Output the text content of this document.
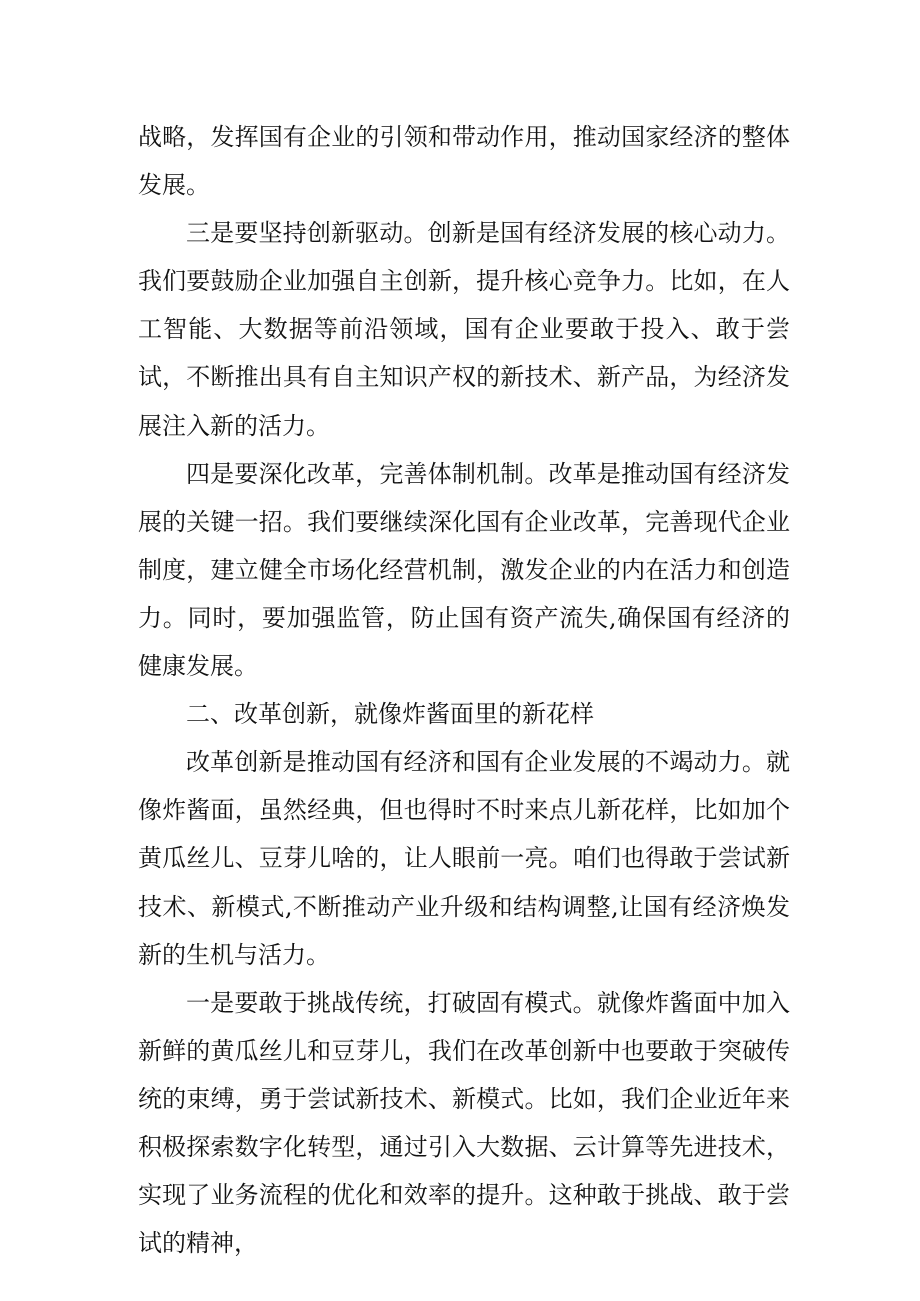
战略，发挥国有企业的引领和带动作用，推动国家经济的整体发展。

三是要坚持创新驱动。创新是国有经济发展的核心动力。我们要鼓励企业加强自主创新，提升核心竞争力。比如，在人工智能、大数据等前沿领域，国有企业要敢于投入、敢于尝试，不断推出具有自主知识产权的新技术、新产品，为经济发展注入新的活力。

四是要深化改革，完善体制机制。改革是推动国有经济发展的关键一招。我们要继续深化国有企业改革，完善现代企业制度，建立健全市场化经营机制，激发企业的内在活力和创造力。同时，要加强监管，防止国有资产流失,确保国有经济的健康发展。

二、改革创新，就像炸酱面里的新花样

改革创新是推动国有经济和国有企业发展的不竭动力。就像炸酱面，虽然经典，但也得时不时来点儿新花样，比如加个黄瓜丝儿、豆芽儿啥的，让人眼前一亮。咱们也得敢于尝试新技术、新模式,不断推动产业升级和结构调整,让国有经济焕发新的生机与活力。

一是要敢于挑战传统，打破固有模式。就像炸酱面中加入新鲜的黄瓜丝儿和豆芽儿，我们在改革创新中也要敢于突破传统的束缚，勇于尝试新技术、新模式。比如，我们企业近年来积极探索数字化转型，通过引入大数据、云计算等先进技术，实现了业务流程的优化和效率的提升。这种敢于挑战、敢于尝试的精神，
